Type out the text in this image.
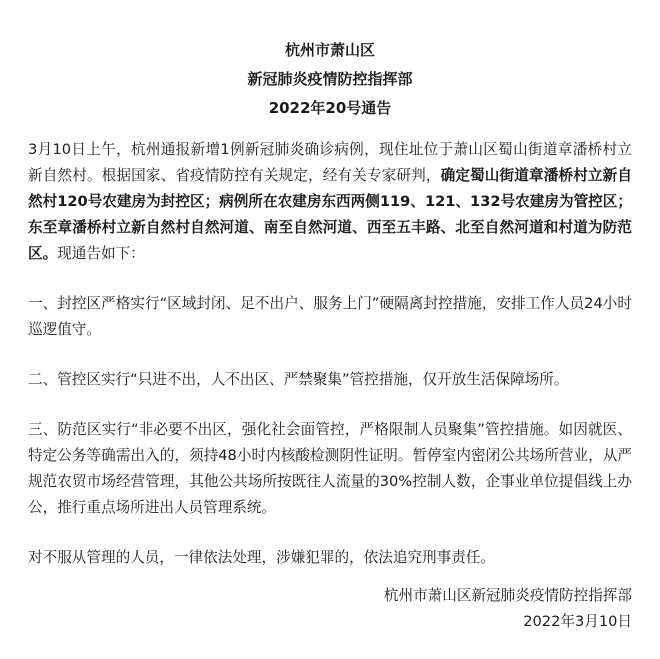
杭州市萧山区
新冠肺炎疫情防控指挥部
2022年20号通告

3月10日上午，杭州通报新增1例新冠肺炎确诊病例，现住址位于萧山区蜀山街道章潘桥村立新自然村。根据国家、省疫情防控有关规定，经有关专家研判，确定蜀山街道章潘桥村立新自然村120号农建房为封控区；病例所在农建房东西两侧119、121、132号农建房为管控区；东至章潘桥村立新自然村自然河道、南至自然河道、西至五丰路、北至自然河道和村道为防范区。现通告如下：

一、封控区严格实行“区域封闭、足不出户、服务上门”硬隔离封控措施，安排工作人员24小时巡逻值守。

二、管控区实行“只进不出，人不出区、严禁聚集”管控措施，仅开放生活保障场所。

三、防范区实行“非必要不出区，强化社会面管控，严格限制人员聚集”管控措施。如因就医、特定公务等确需出入的，须持48小时内核酸检测阴性证明。暂停室内密闭公共场所营业，从严规范农贸市场经营管理，其他公共场所按既往人流量的30%控制人数，企事业单位提倡线上办公，推行重点场所进出人员管理系统。

对不服从管理的人员，一律依法处理，涉嫌犯罪的，依法追究刑事责任。

杭州市萧山区新冠肺炎疫情防控指挥部
2022年3月10日
